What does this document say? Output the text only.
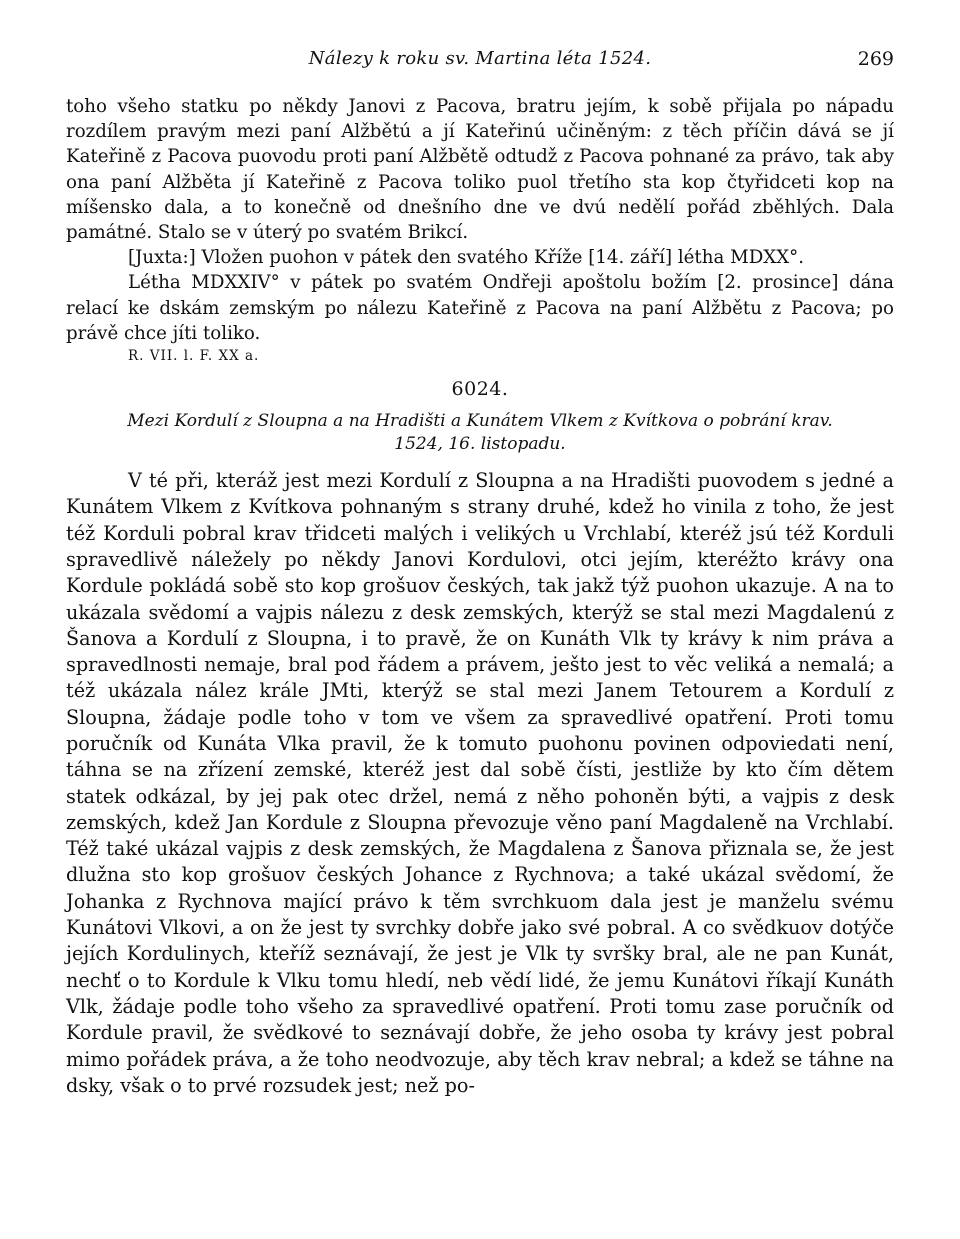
Nálezy k roku sv. Martina léta 1524.	269

toho všeho statku po někdy Janovi z Pacova, bratru jejím, k sobě přijala po nápadu rozdílem pravým mezi paní Alžbětú a jí Kateřinú učiněným: z těch příčin dává se jí Kateřině z Pacova puovodu proti paní Alžbětě odtudž z Pacova pohnané za právo, tak aby ona paní Alžběta jí Kateřině z Pacova toliko puol třetího sta kop čtyřidceti kop na míšensko dala, a to konečně od dnešního dne ve dvú nedělí pořád zběhlých. Dala památné. Stalo se v úterý po svatém Brikcí.

[Juxta:] Vložen puohon v pátek den svatého Kříže [14. září] létha MDXX°.

Létha MDXXIV° v pátek po svatém Ondřeji apoštolu božím [2. prosince] dána relací ke dskám zemským po nálezu Kateřině z Pacova na paní Alžbětu z Pacova; po právě chce jíti toliko.

R. VII. l. F. XX a.
6024.
Mezi Kordulí z Sloupna a na Hradišti a Kunátem Vlkem z Kvítkova o pobrání krav.
1524, 16. listopadu.

V té při, kteráž jest mezi Kordulí z Sloupna a na Hradišti puovodem s jedné a Kunátem Vlkem z Kvítkova pohnaným s strany druhé, kdež ho vinila z toho, že jest též Korduli pobral krav třidceti malých i velikých u Vrchlabí, kteréž jsú též Korduli spravedlivě náležely po někdy Janovi Kordulovi, otci jejím, kteréžto krávy ona Kordule pokládá sobě sto kop grošuov českých, tak jakž týž puohon ukazuje. A na to ukázala svědomí a vajpis nálezu z desk zemských, kterýž se stal mezi Magdalenú z Šanova a Kordulí z Sloupna, i to pravě, že on Kunáth Vlk ty krávy k nim práva a spravedlnosti nemaje, bral pod řádem a právem, ješto jest to věc veliká a nemalá; a též ukázala nález krále JMti, kterýž se stal mezi Janem Tetourem a Kordulí z Sloupna, žádaje podle toho v tom ve všem za spravedlivé opatření. Proti tomu poručník od Kunáta Vlka pravil, že k tomuto puohonu povinen odpoviedati není, táhna se na zřízení zemské, kteréž jest dal sobě čísti, jestliže by kto čím dětem statek odkázal, by jej pak otec držel, nemá z něho pohoněn býti, a vajpis z desk zemských, kdež Jan Kordule z Sloupna převozuje věno paní Magdaleně na Vrchlabí. Též také ukázal vajpis z desk zemských, že Magdalena z Šanova přiznala se, že jest dlužna sto kop grošuov českých Johance z Rychnova; a také ukázal svědomí, že Johanka z Rychnova mající právo k těm svrchkuom dala jest je manželu svému Kunátovi Vlkovi, a on že jest ty svrchky dobře jako své pobral. A co svědkuov dotýče jejích Kordulinych, kteříž seznávají, že jest je Vlk ty svršky bral, ale ne pan Kunát, nechť o to Kordule k Vlku tomu hledí, neb vědí lidé, že jemu Kunátovi říkají Kunáth Vlk, žádaje podle toho všeho za spravedlivé opatření. Proti tomu zase poručník od Kordule pravil, že svědkové to seznávají dobře, že jeho osoba ty krávy jest pobral mimo pořádek práva, a že toho neodvozuje, aby těch krav nebral; a kdež se táhne na dsky, však o to prvé rozsudek jest; než po-
